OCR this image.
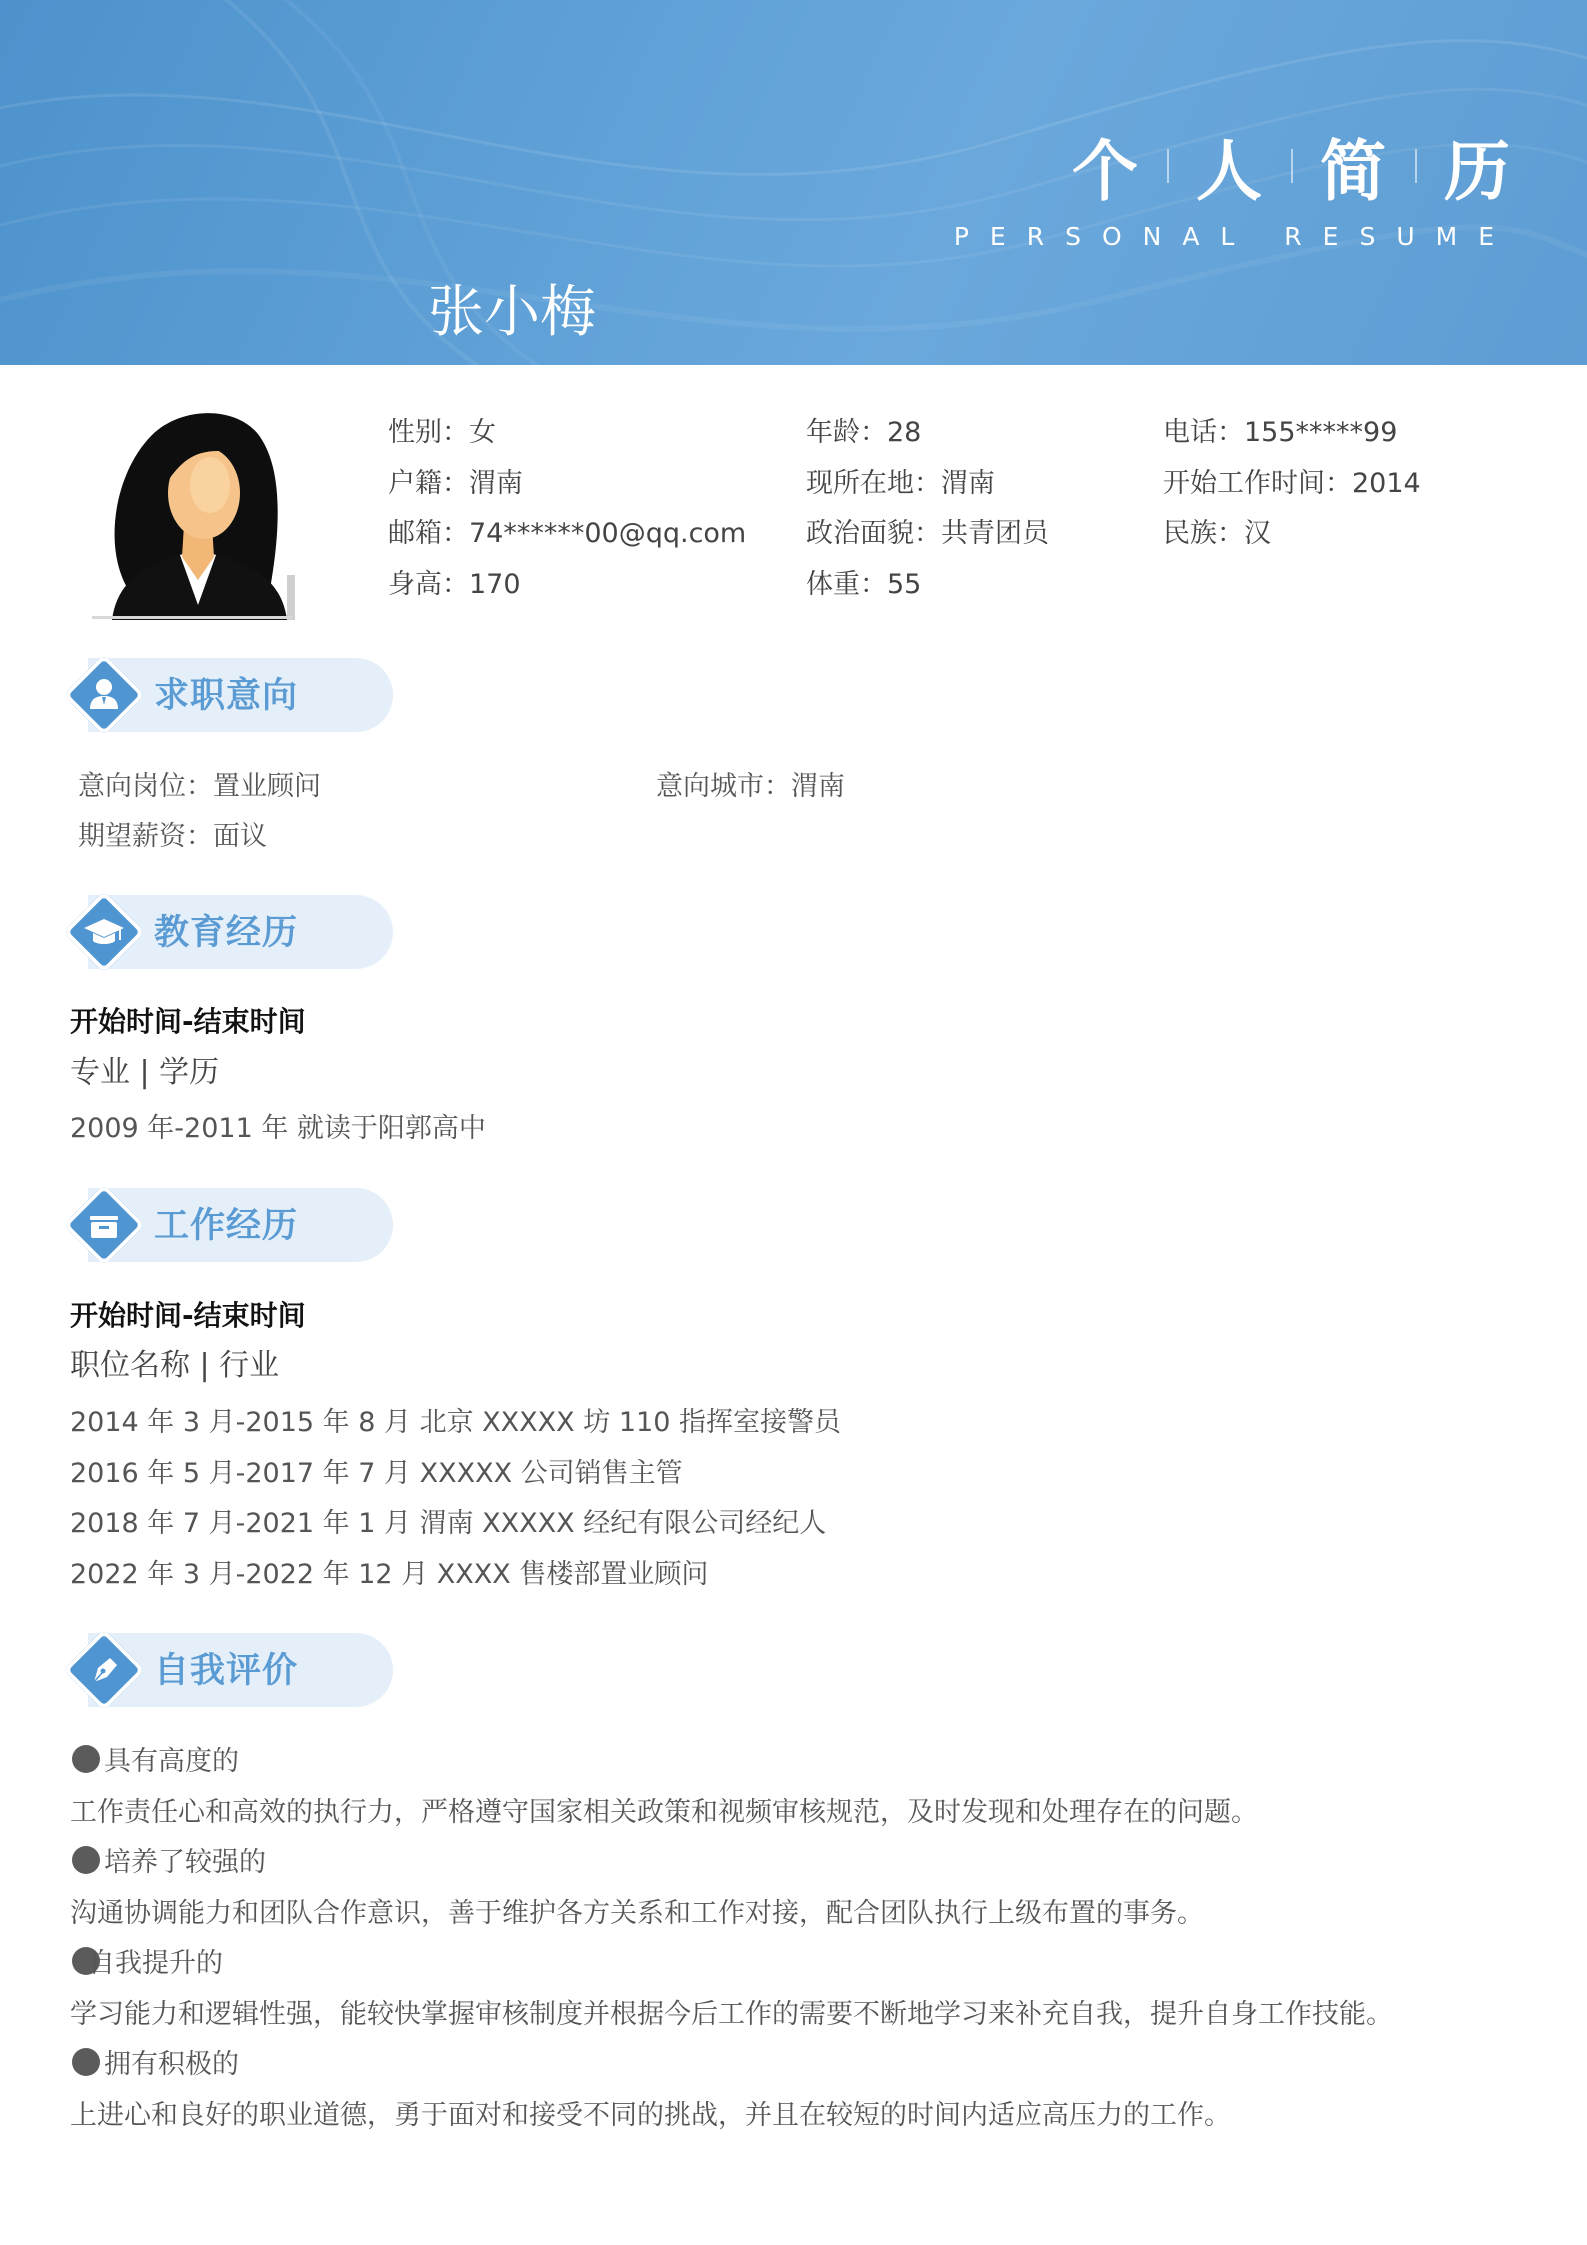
个 人 简 历
PERSONAL RESUME
张小梅
性别：女	年龄：28	电话：155*****99
户籍：渭南	现所在地：渭南	开始工作时间：2014
邮箱：74******00@qq.com 政治面貌：共青团员	民族：汉
身高：170	体重：55
求职意向
意向岗位：置业顾问	意向城市：渭南
期望薪资：面议
教育经历
开始时间-结束时间
专业 | 学历
2009 年-2011 年 就读于阳郭高中
工作经历
开始时间-结束时间
职位名称 | 行业
2014 年 3 月-2015 年 8 月 北京 XXXXX 坊 110 指挥室接警员
2016 年 5 月-2017 年 7 月 XXXXX 公司销售主管
2018 年 7 月-2021 年 1 月 渭南 XXXXX 经纪有限公司经纪人
2022 年 3 月-2022 年 12 月 XXXX 售楼部置业顾问
自我评价
具有高度的
工作责任心和高效的执行力，严格遵守国家相关政策和视频审核规范，及时发现和处理存在的问题。
培养了较强的
沟通协调能力和团队合作意识，善于维护各方关系和工作对接，配合团队执行上级布置的事务。
自我提升的
学习能力和逻辑性强，能较快掌握审核制度并根据今后工作的需要不断地学习来补充自我，提升自身工作技能。
拥有积极的
上进心和良好的职业道德，勇于面对和接受不同的挑战，并且在较短的时间内适应高压力的工作。
